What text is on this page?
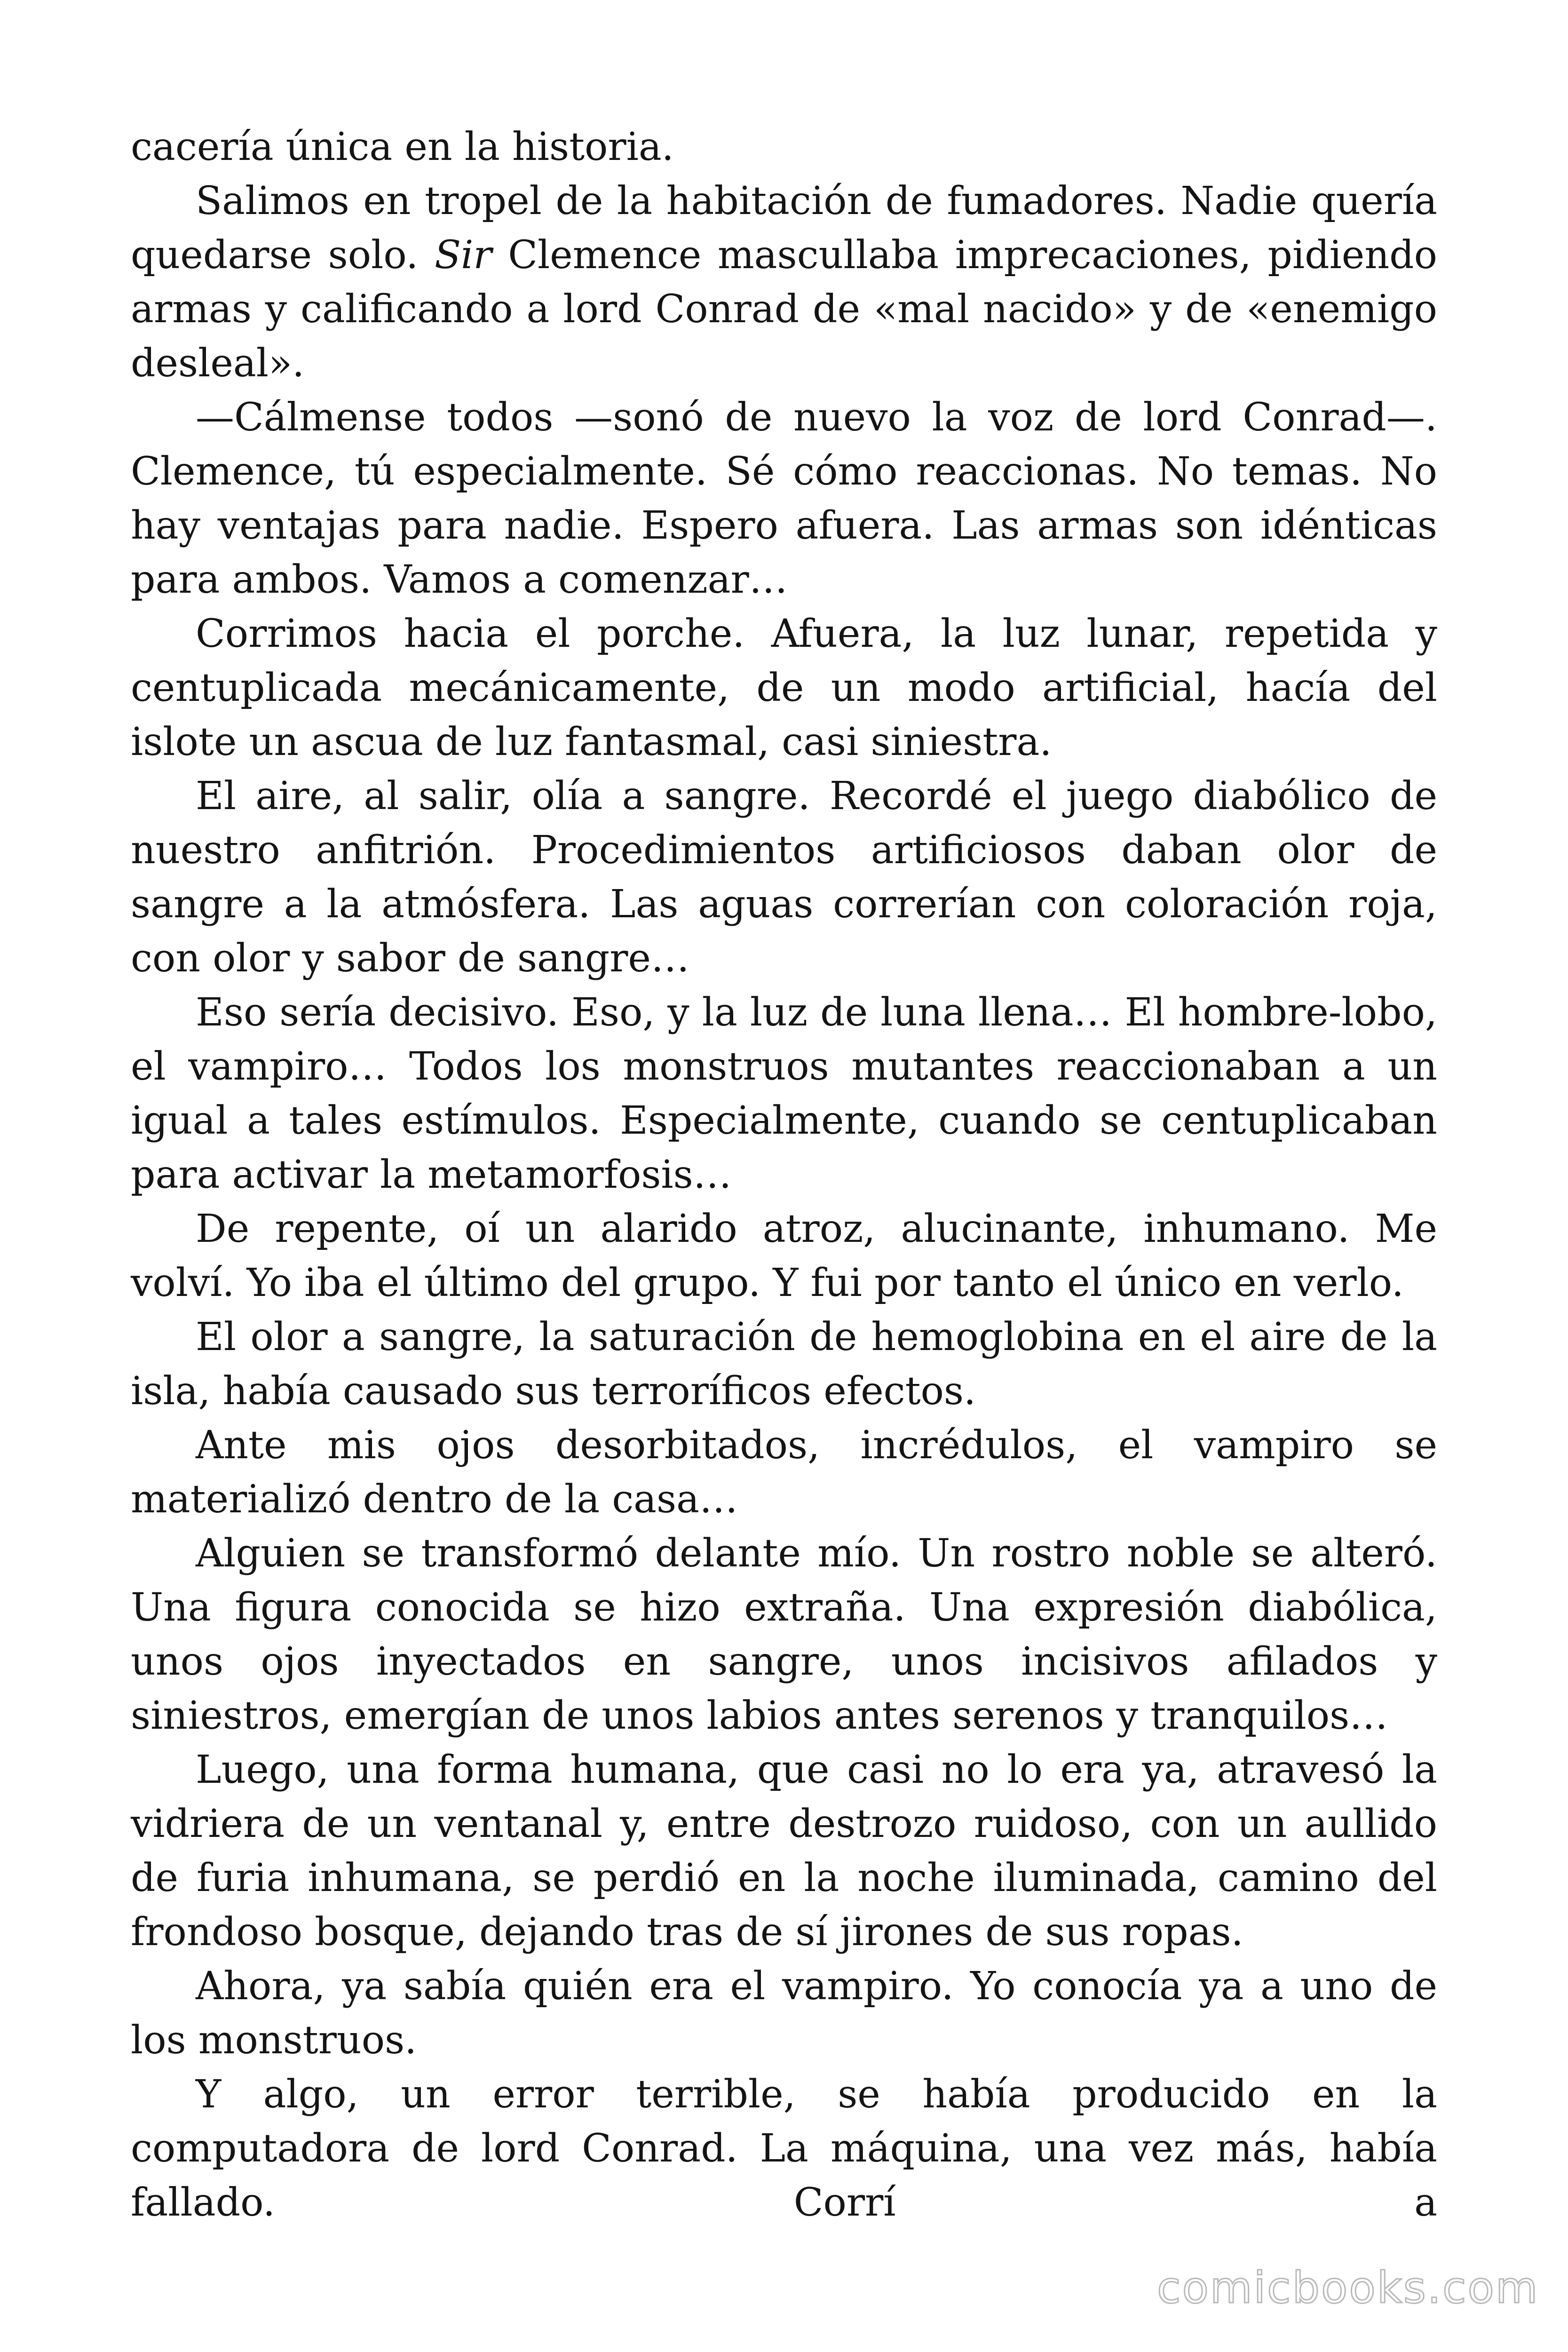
cacería única en la historia.

Salimos en tropel de la habitación de fumadores. Nadie quería quedarse solo. Sir Clemence mascullaba imprecaciones, pidiendo armas y calificando a lord Conrad de «mal nacido» y de «enemigo desleal».

—Cálmense todos —sonó de nuevo la voz de lord Conrad—. Clemence, tú especialmente. Sé cómo reaccionas. No temas. No hay ventajas para nadie. Espero afuera. Las armas son idénticas para ambos. Vamos a comenzar…

Corrimos hacia el porche. Afuera, la luz lunar, repetida y centuplicada mecánicamente, de un modo artificial, hacía del islote un ascua de luz fantasmal, casi siniestra.

El aire, al salir, olía a sangre. Recordé el juego diabólico de nuestro anfitrión. Procedimientos artificiosos daban olor de sangre a la atmósfera. Las aguas correrían con coloración roja, con olor y sabor de sangre…

Eso sería decisivo. Eso, y la luz de luna llena… El hombre-lobo, el vampiro… Todos los monstruos mutantes reaccionaban a un igual a tales estímulos. Especialmente, cuando se centuplicaban para activar la metamorfosis…

De repente, oí un alarido atroz, alucinante, inhumano. Me volví. Yo iba el último del grupo. Y fui por tanto el único en verlo.

El olor a sangre, la saturación de hemoglobina en el aire de la isla, había causado sus terroríficos efectos.

Ante mis ojos desorbitados, incrédulos, el vampiro se materializó dentro de la casa…

Alguien se transformó delante mío. Un rostro noble se alteró. Una figura conocida se hizo extraña. Una expresión diabólica, unos ojos inyectados en sangre, unos incisivos afilados y siniestros, emergían de unos labios antes serenos y tranquilos…

Luego, una forma humana, que casi no lo era ya, atravesó la vidriera de un ventanal y, entre destrozo ruidoso, con un aullido de furia inhumana, se perdió en la noche iluminada, camino del frondoso bosque, dejando tras de sí jirones de sus ropas.

Ahora, ya sabía quién era el vampiro. Yo conocía ya a uno de los monstruos.

Y algo, un error terrible, se había producido en la computadora de lord Conrad. La máquina, una vez más, había fallado. Corrí a

comicbooks.com
